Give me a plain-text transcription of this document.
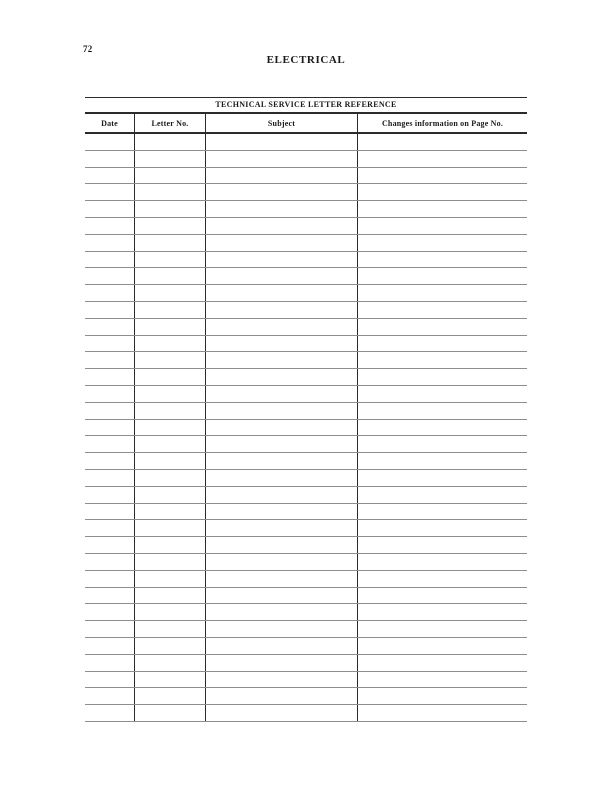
72
ELECTRICAL
TECHNICAL SERVICE LETTER REFERENCE
Date	Letter No.	Subject	Changes information on Page No.
